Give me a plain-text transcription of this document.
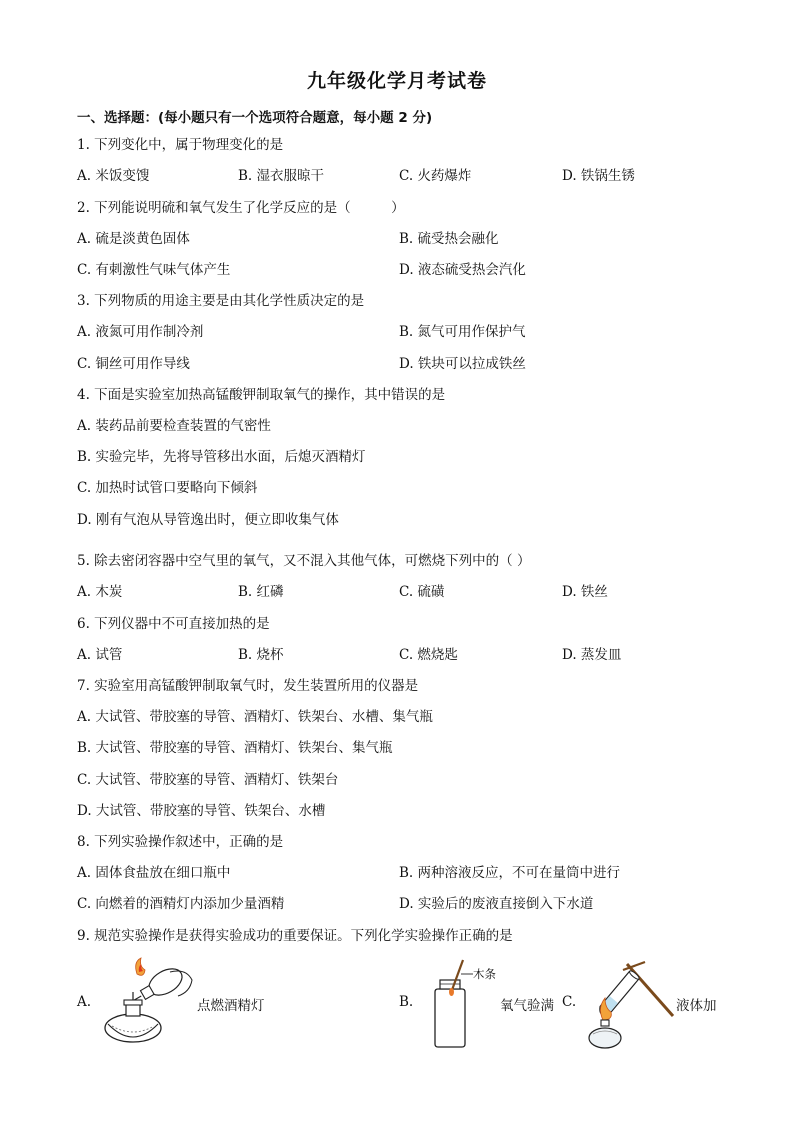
九年级化学月考试卷
一、选择题：(每小题只有一个选项符合题意，每小题 2 分)
1. 下列变化中，属于物理变化的是
A. 米饭变馊	B. 湿衣服晾干	C. 火药爆炸	D. 铁锅生锈
2. 下列能说明硫和氧气发生了化学反应的是（　　　）
A. 硫是淡黄色固体	B. 硫受热会融化
C. 有刺激性气味气体产生	D. 液态硫受热会汽化
3. 下列物质的用途主要是由其化学性质决定的是
A. 液氮可用作制冷剂	B. 氮气可用作保护气
C. 铜丝可用作导线	D. 铁块可以拉成铁丝
4. 下面是实验室加热高锰酸钾制取氧气的操作，其中错误的是
A. 装药品前要检查装置的气密性
B. 实验完毕，先将导管移出水面，后熄灭酒精灯
C. 加热时试管口要略向下倾斜
D. 刚有气泡从导管逸出时，便立即收集气体
5. 除去密闭容器中空气里的氧气，又不混入其他气体，可燃烧下列中的（ ）
A. 木炭	B. 红磷	C. 硫磺	D. 铁丝
6. 下列仪器中不可直接加热的是
A. 试管	B. 烧杯	C. 燃烧匙	D. 蒸发皿
7. 实验室用高锰酸钾制取氧气时，发生装置所用的仪器是
A. 大试管、带胶塞的导管、酒精灯、铁架台、水槽、集气瓶
B. 大试管、带胶塞的导管、酒精灯、铁架台、集气瓶
C. 大试管、带胶塞的导管、酒精灯、铁架台
D. 大试管、带胶塞的导管、铁架台、水槽
8. 下列实验操作叙述中，正确的是
A. 固体食盐放在细口瓶中	B. 两种溶液反应，不可在量筒中进行
C. 向燃着的酒精灯内添加少量酒精	D. 实验后的废液直接倒入下水道
9. 规范实验操作是获得实验成功的重要保证。下列化学实验操作正确的是
A.	点燃酒精灯	B.
木条
氧气验满 C.	液体加
